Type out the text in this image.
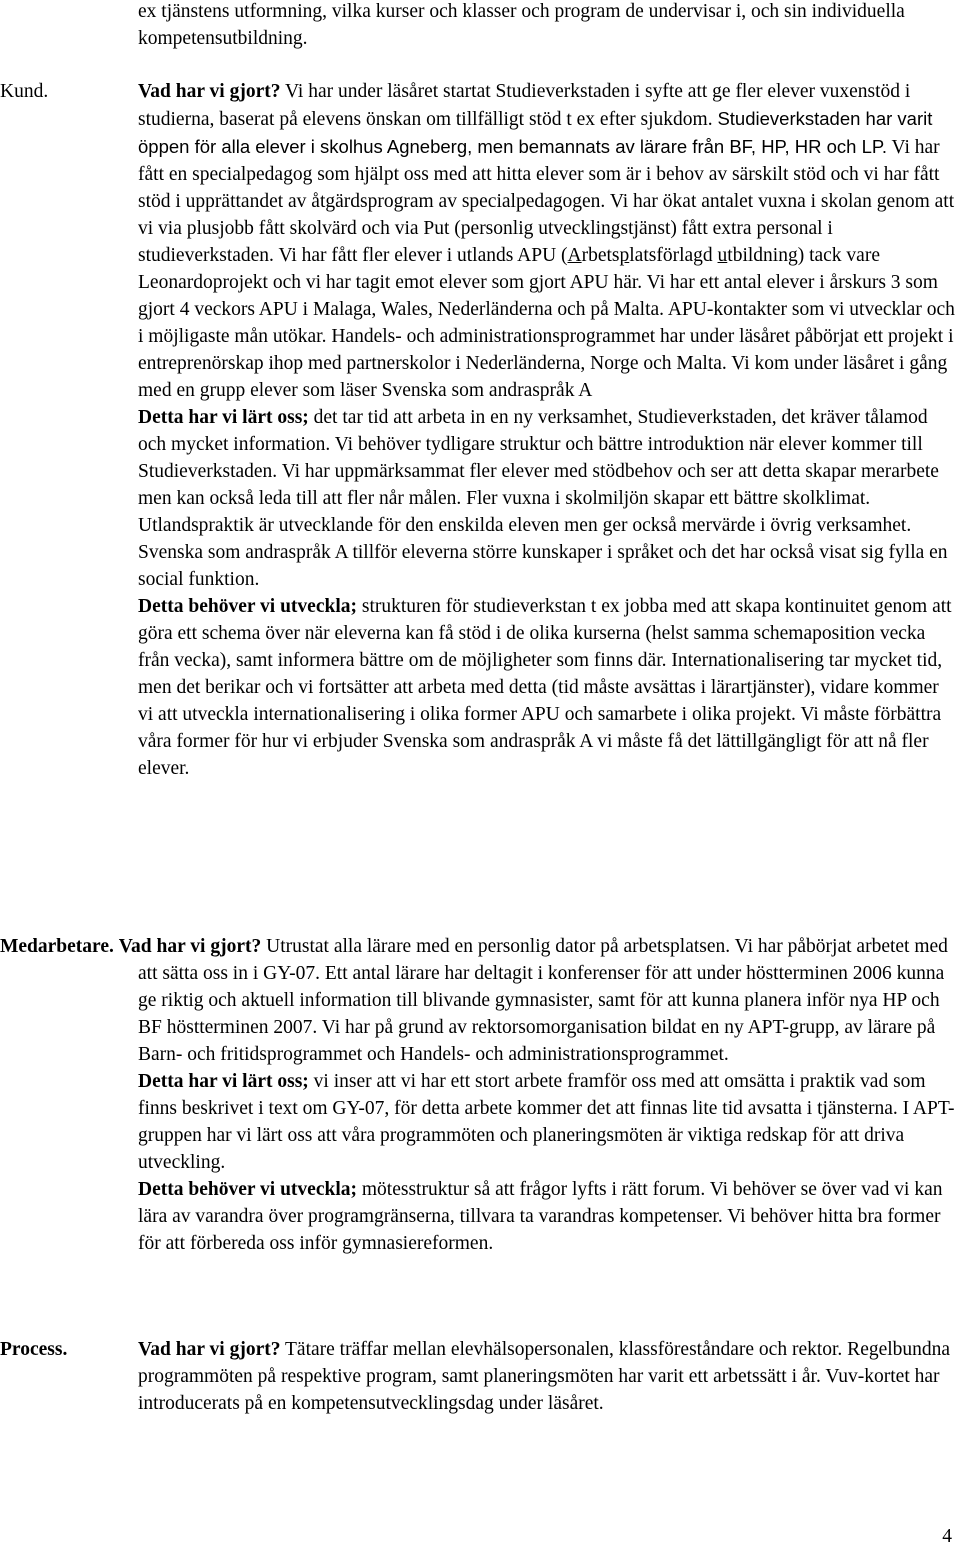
ex tjänstens utformning, vilka kurser och klasser och program de undervisar i, och sin individuella kompetensutbildning.

Kund.	Vad har vi gjort? Vi har under läsåret startat Studieverkstaden i syfte att ge fler elever vuxenstöd i studierna, baserat på elevens önskan om tillfälligt stöd t ex efter sjukdom. Studieverkstaden har varit öppen för alla elever i skolhus Agneberg, men bemannats av lärare från BF, HP, HR och LP. Vi har fått en specialpedagog som hjälpt oss med att hitta elever som är i behov av särskilt stöd och vi har fått stöd i upprättandet av åtgärdsprogram av specialpedagogen. Vi har ökat antalet vuxna i skolan genom att vi via plusjobb fått skolvärd och via Put (personlig utvecklingstjänst) fått extra personal i studieverkstaden. Vi har fått fler elever i utlands APU (Arbetsplatsförlagd utbildning) tack vare Leonardoprojekt och vi har tagit emot elever som gjort APU här. Vi har ett antal elever i årskurs 3 som gjort 4 veckors APU i Malaga, Wales, Nederländerna och på Malta. APU-kontakter som vi utvecklar och i möjligaste mån utökar. Handels- och administrationsprogrammet har under läsåret påbörjat ett projekt i entreprenörskap ihop med partnerskolor i Nederländerna, Norge och Malta. Vi kom under läsåret i gång med en grupp elever som läser Svenska som andraspråk A

Detta har vi lärt oss; det tar tid att arbeta in en ny verksamhet, Studieverkstaden, det kräver tålamod och mycket information. Vi behöver tydligare struktur och bättre introduktion när elever kommer till Studieverkstaden. Vi har uppmärksammat fler elever med stödbehov och ser att detta skapar merarbete men kan också leda till att fler når målen. Fler vuxna i skolmiljön skapar ett bättre skolklimat. Utlandspraktik är utvecklande för den enskilda eleven men ger också mervärde i övrig verksamhet. Svenska som andraspråk A tillför eleverna större kunskaper i språket och det har också visat sig fylla en social funktion.

Detta behöver vi utveckla; strukturen för studieverkstan t ex jobba med att skapa kontinuitet genom att göra ett schema över när eleverna kan få stöd i de olika kurserna (helst samma schemaposition vecka från vecka), samt informera bättre om de möjligheter som finns där. Internationalisering tar mycket tid, men det berikar och vi fortsätter att arbeta med detta (tid måste avsättas i lärartjänster), vidare kommer vi att utveckla internationalisering i olika former APU och samarbete i olika projekt. Vi måste förbättra våra former för hur vi erbjuder Svenska som andraspråk A vi måste få det lättillgängligt för att nå fler elever.

Medarbetare. Vad har vi gjort? Utrustat alla lärare med en personlig dator på arbetsplatsen. Vi har påbörjat arbetet med att sätta oss in i GY-07. Ett antal lärare har deltagit i konferenser för att under höstterminen 2006 kunna ge riktig och aktuell information till blivande gymnasister, samt för att kunna planera inför nya HP och BF höstterminen 2007. Vi har på grund av rektorsomorganisation bildat en ny APT-grupp, av lärare på Barn- och fritidsprogrammet och Handels- och administrationsprogrammet.

Detta har vi lärt oss; vi inser att vi har ett stort arbete framför oss med att omsätta i praktik vad som finns beskrivet i text om GY-07, för detta arbete kommer det att finnas lite tid avsatta i tjänsterna. I APT-gruppen har vi lärt oss att våra programmöten och planeringsmöten är viktiga redskap för att driva utveckling.

Detta behöver vi utveckla; mötesstruktur så att frågor lyfts i rätt forum. Vi behöver se över vad vi kan lära av varandra över programgränserna, tillvara ta varandras kompetenser. Vi behöver hitta bra former för att förbereda oss inför gymnasiereformen.

Process.	Vad har vi gjort? Tätare träffar mellan elevhälsopersonalen, klassföreståndare och rektor. Regelbundna programmöten på respektive program, samt planeringsmöten har varit ett arbetssätt i år. Vuv-kortet har introducerats på en kompetensutvecklingsdag under läsåret.

4
